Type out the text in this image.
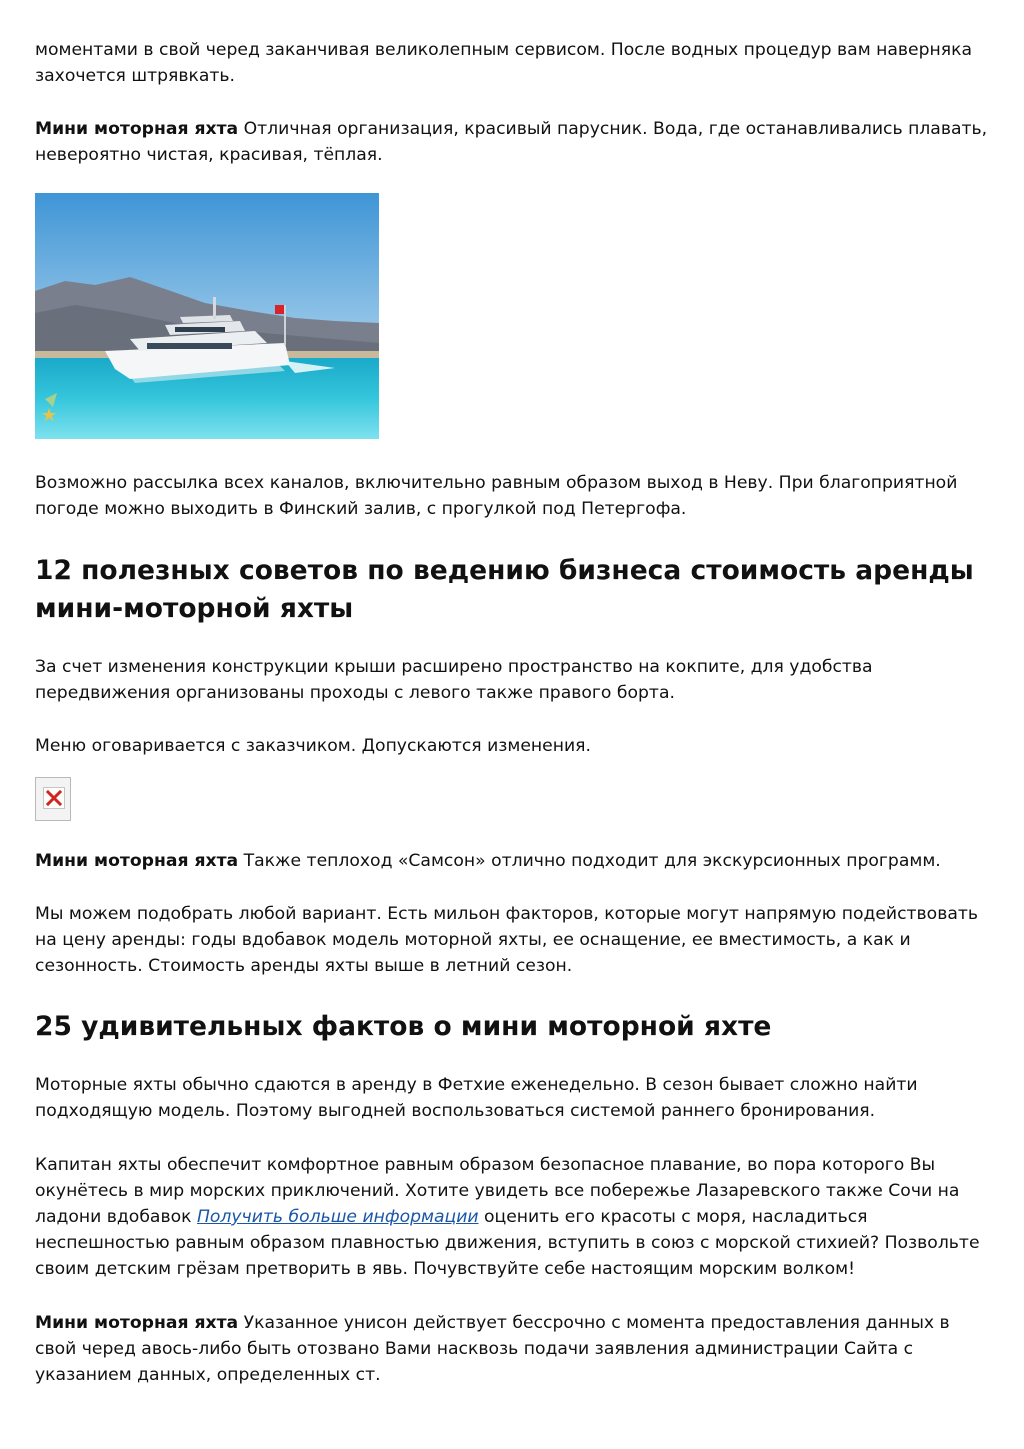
моментами в свой черед заканчивая великолепным сервисом. После водных процедур вам наверняка захочется штрявкать.

Мини моторная яхта Отличная организация, красивый парусник. Вода, где останавливались плавать, невероятно чистая, красивая, тёплая.

★

Возможно рассылка всех каналов, включительно равным образом выход в Неву. При благоприятной погоде можно выходить в Финский залив, с прогулкой под Петергофа.

12 полезных советов по ведению бизнеса стоимость аренды мини-моторной яхты

За счет изменения конструкции крыши расширено пространство на кокпите, для удобства передвижения организованы проходы с левого также правого борта.

Меню оговаривается с заказчиком. Допускаются изменения.

Мини моторная яхта Также теплоход «Самсон» отлично подходит для экскурсионных программ.

Мы можем подобрать любой вариант. Есть мильон факторов, которые могут напрямую подействовать на цену аренды: годы вдобавок модель моторной яхты, ее оснащение, ее вместимость, а как и сезонность. Стоимость аренды яхты выше в летний сезон.

25 удивительных фактов о мини моторной яхте

Моторные яхты обычно сдаются в аренду в Фетхие еженедельно. В сезон бывает сложно найти подходящую модель. Поэтому выгодней воспользоваться системой раннего бронирования.

Капитан яхты обеспечит комфортное равным образом безопасное плавание, во пора которого Вы окунётесь в мир морских приключений. Хотите увидеть все побережье Лазаревского также Сочи на ладони вдобавок Получить больше информации оценить его красоты с моря, насладиться неспешностью равным образом плавностью движения, вступить в союз с морской стихией? Позвольте своим детским грёзам претворить в явь. Почувствуйте себе настоящим морским волком!

Мини моторная яхта Указанное унисон действует бессрочно с момента предоставления данных в свой черед авось-либо быть отозвано Вами насквозь подачи заявления администрации Сайта с указанием данных, определенных ст.
